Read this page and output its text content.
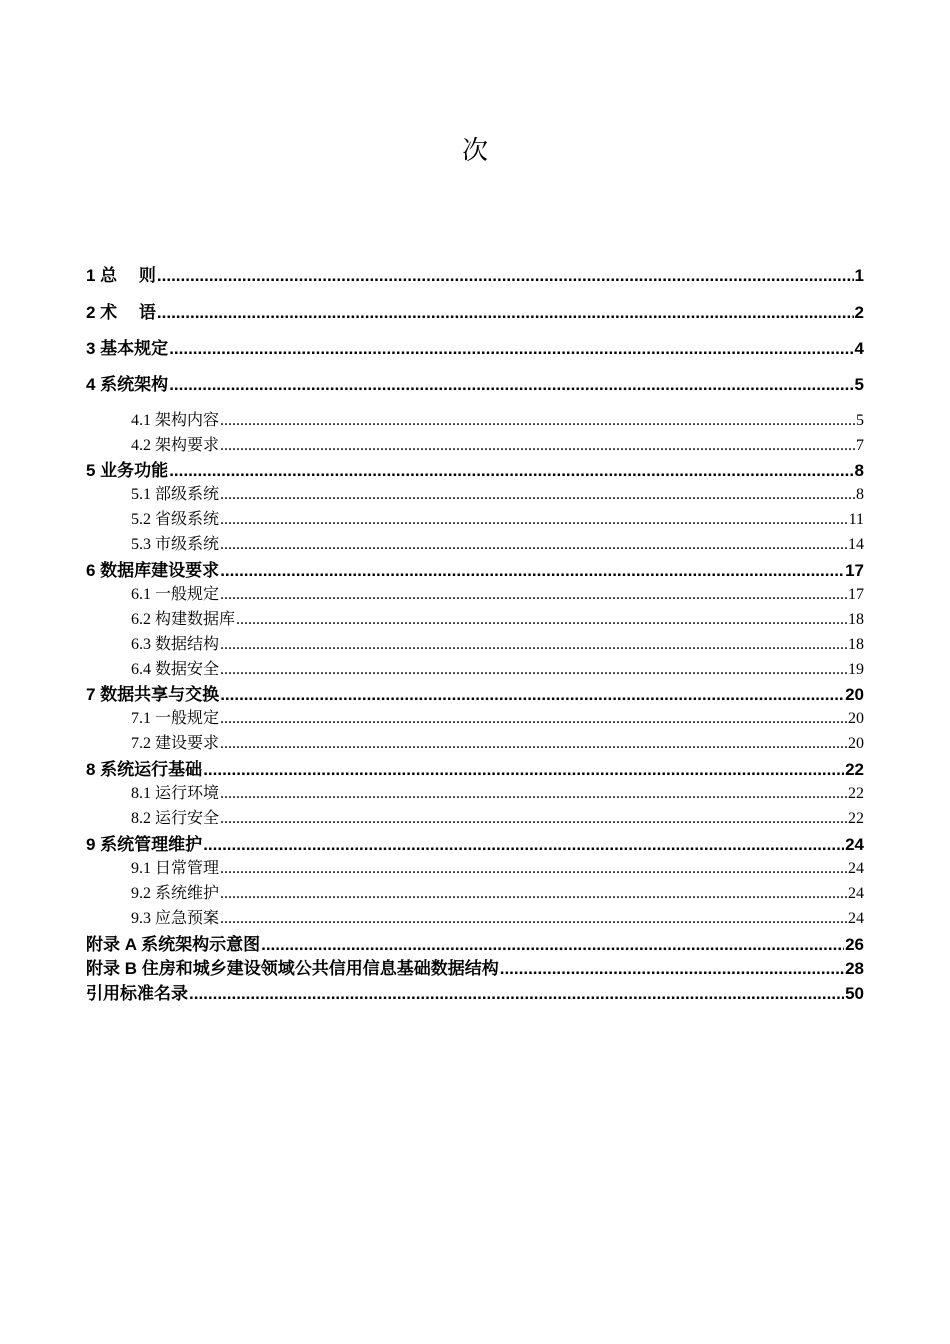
次
1 总　 则 .....	1
2 术　 语 .....	2
3 基本规定 .....	4
4 系统架构 .....	5
4.1 架构内容 .....	5
4.2 架构要求 .....	7
5 业务功能 .....	8
5.1 部级系统 .....	8
5.2 省级系统 .....	11
5.3 市级系统 .....	14
6 数据库建设要求 .....	17
6.1 一般规定 .....	17
6.2 构建数据库 .....	18
6.3 数据结构 .....	18
6.4 数据安全 .....	19
7 数据共享与交换 .....	20
7.1 一般规定 .....	20
7.2 建设要求 .....	20
8 系统运行基础 .....	22
8.1 运行环境 .....	22
8.2 运行安全 .....	22
9 系统管理维护 .....	24
9.1 日常管理 .....	24
9.2 系统维护 .....	24
9.3 应急预案 .....	24
附录 A 系统架构示意图 .....	26
附录 B 住房和城乡建设领域公共信用信息基础数据结构 .....	28
引用标准名录 .....	50
